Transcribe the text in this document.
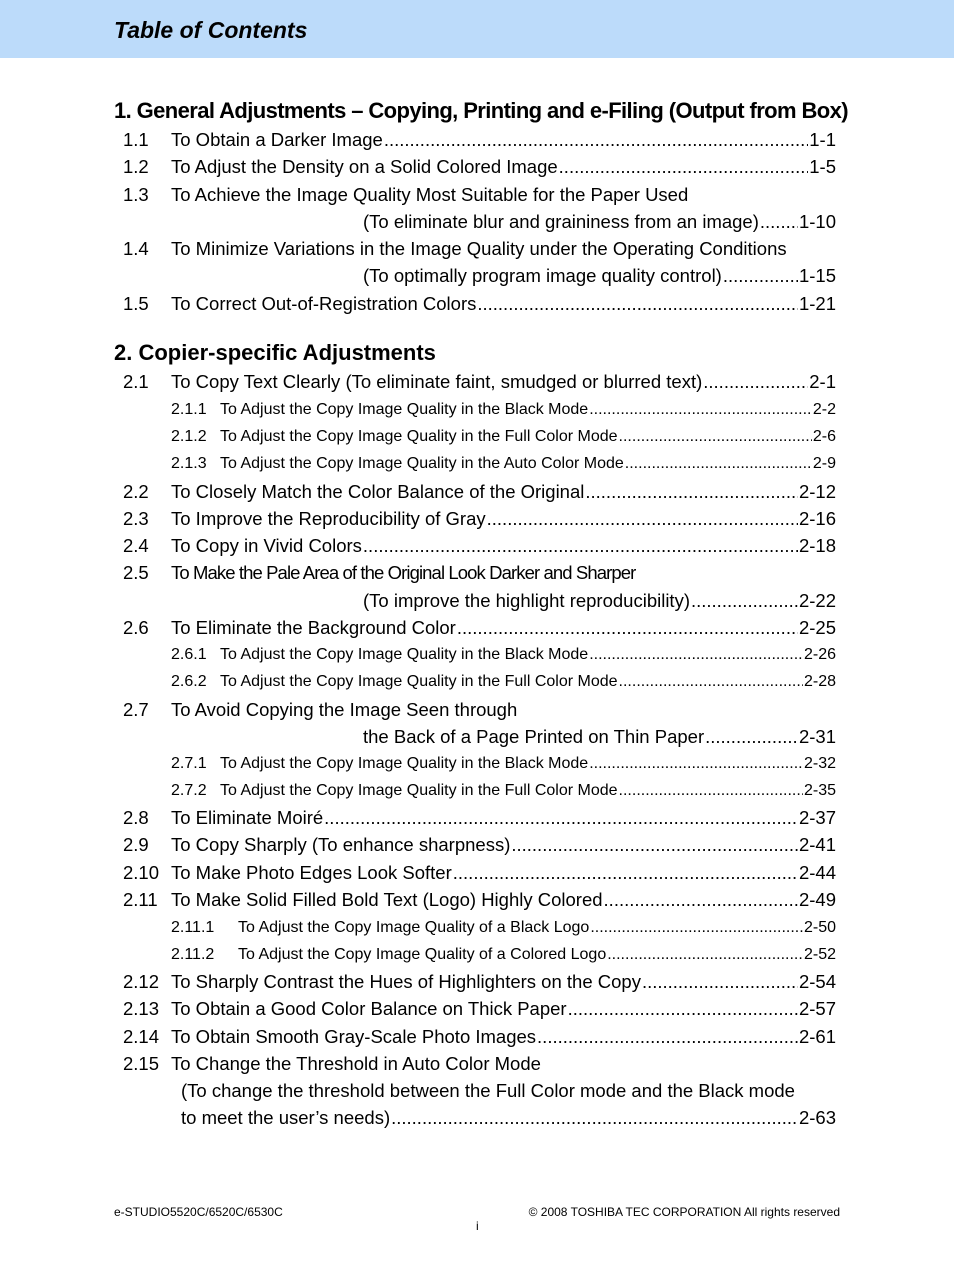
Table of Contents
1. General Adjustments – Copying, Printing and e-Filing (Output from Box)
1.1 To Obtain a Darker Image .....	1-1
1.2 To Adjust the Density on a Solid Colored Image .....	1-5
1.3 To Achieve the Image Quality Most Suitable for the Paper Used
(To eliminate blur and graininess from an image) ..... 1-10
1.4 To Minimize Variations in the Image Quality under the Operating Conditions
(To optimally program image quality control) .....	1-15
1.5 To Correct Out-of-Registration Colors .....	1-21
2. Copier-specific Adjustments
2.1 To Copy Text Clearly (To eliminate faint, smudged or blurred text) .....	2-1
2.1.1 To Adjust the Copy Image Quality in the Black Mode .....	2-2
2.1.2 To Adjust the Copy Image Quality in the Full Color Mode .....	2-6
2.1.3 To Adjust the Copy Image Quality in the Auto Color Mode .....	2-9
2.2 To Closely Match the Color Balance of the Original .....	2-12
2.3 To Improve the Reproducibility of Gray .....	2-16
2.4 To Copy in Vivid Colors .....	2-18
2.5 To Make the Pale Area of the Original Look Darker and Sharper
(To improve the highlight reproducibility) .....	2-22
2.6 To Eliminate the Background Color .....	2-25
2.6.1 To Adjust the Copy Image Quality in the Black Mode .....	2-26
2.6.2 To Adjust the Copy Image Quality in the Full Color Mode .....	2-28
2.7 To Avoid Copying the Image Seen through
the Back of a Page Printed on Thin Paper .....	2-31
2.7.1 To Adjust the Copy Image Quality in the Black Mode .....	2-32
2.7.2 To Adjust the Copy Image Quality in the Full Color Mode .....	2-35
2.8 To Eliminate Moiré .....	2-37
2.9 To Copy Sharply (To enhance sharpness) .....	2-41
2.10 To Make Photo Edges Look Softer .....	2-44
2.11 To Make Solid Filled Bold Text (Logo) Highly Colored .....	2-49
2.11.1 To Adjust the Copy Image Quality of a Black Logo .....	2-50
2.11.2 To Adjust the Copy Image Quality of a Colored Logo .....	2-52
2.12 To Sharply Contrast the Hues of Highlighters on the Copy .....	2-54
2.13 To Obtain a Good Color Balance on Thick Paper .....	2-57
2.14 To Obtain Smooth Gray-Scale Photo Images .....	2-61
2.15 To Change the Threshold in Auto Color Mode
(To change the threshold between the Full Color mode and the Black mode
to meet the user’s needs) .....	2-63
e-STUDIO5520C/6520C/6530C	© 2008 TOSHIBA TEC CORPORATION All rights reserved
i
